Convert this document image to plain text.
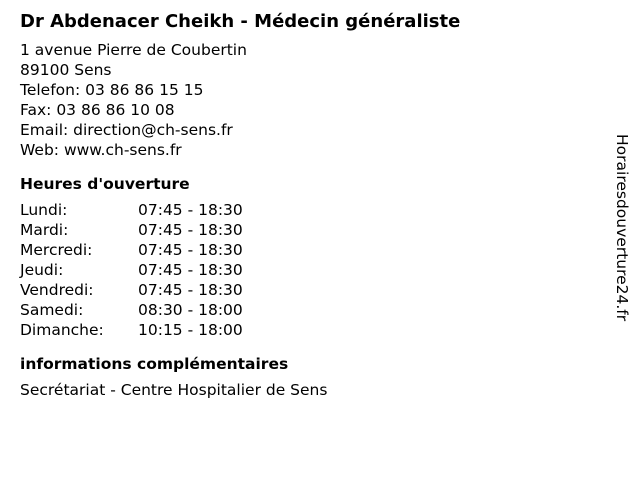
Dr Abdenacer Cheikh - Médecin généraliste
1 avenue Pierre de Coubertin
89100 Sens
Telefon: 03 86 86 15 15
Fax: 03 86 86 10 08
Email: direction@ch-sens.fr
Web: www.ch-sens.fr
Heures d'ouverture
Lundi:	07:45 - 18:30
Mardi:	07:45 - 18:30
Mercredi:	07:45 - 18:30
Jeudi:	07:45 - 18:30
Vendredi:	07:45 - 18:30
Samedi:	08:30 - 18:00
Dimanche:	10:15 - 18:00
informations complémentaires
Secrétariat - Centre Hospitalier de Sens
Horairesdouverture24.fr
